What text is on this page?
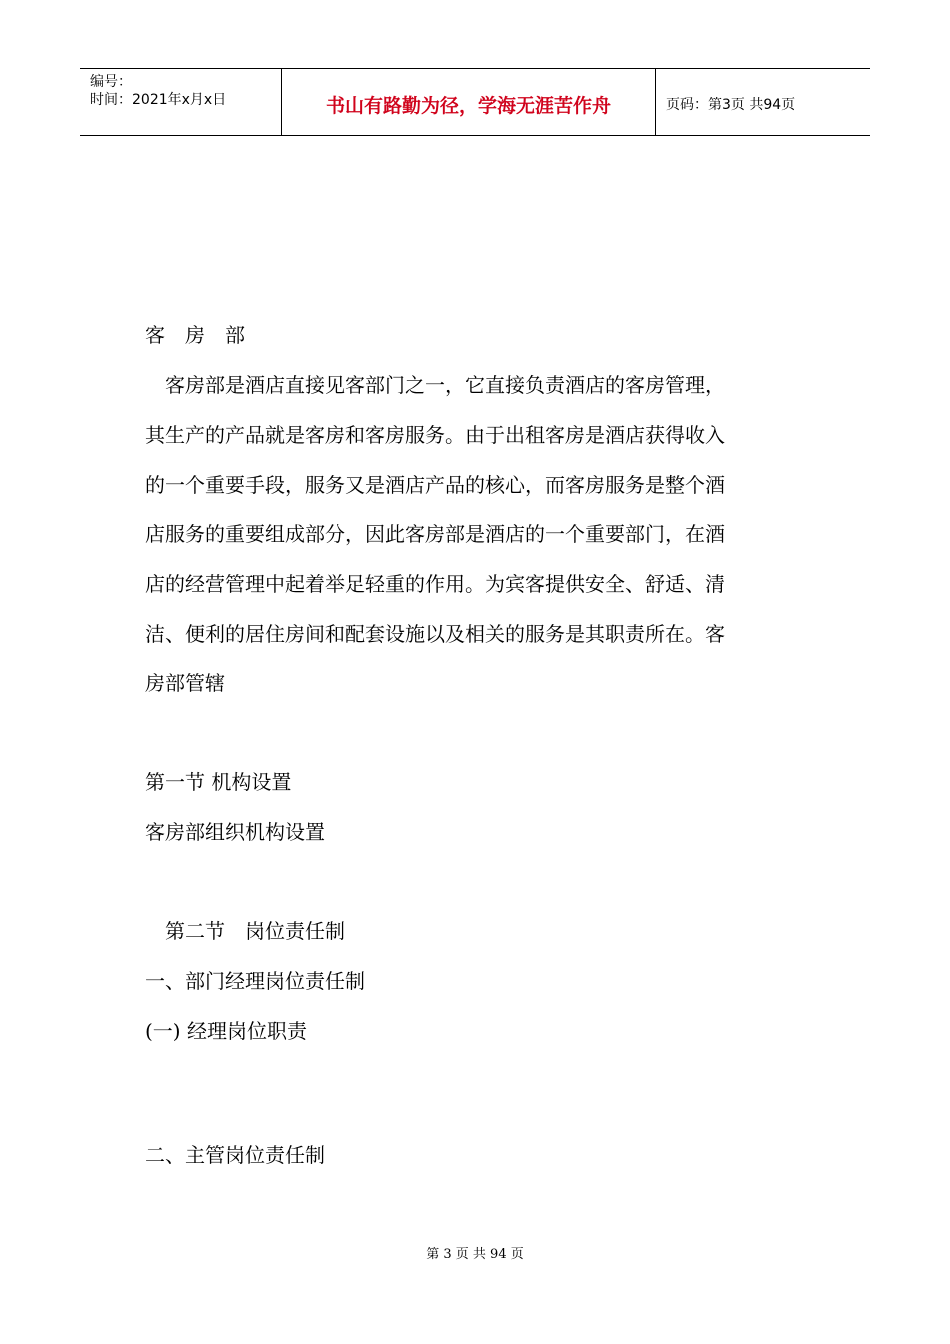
编号：
时间：2021年x月x日	书山有路勤为径，学海无涯苦作舟	页码：第3页 共94页
客　房　部
　客房部是酒店直接见客部门之一，它直接负责酒店的客房管理，
其生产的产品就是客房和客房服务。由于出租客房是酒店获得收入
的一个重要手段，服务又是酒店产品的核心，而客房服务是整个酒
店服务的重要组成部分，因此客房部是酒店的一个重要部门，在酒
店的经营管理中起着举足轻重的作用。为宾客提供安全、舒适、清
洁、便利的居住房间和配套设施以及相关的服务是其职责所在。客
房部管辖
第一节 机构设置
客房部组织机构设置
　第二节　岗位责任制
一、部门经理岗位责任制
(一) 经理岗位职责
二、主管岗位责任制
第 3 页 共 94 页
